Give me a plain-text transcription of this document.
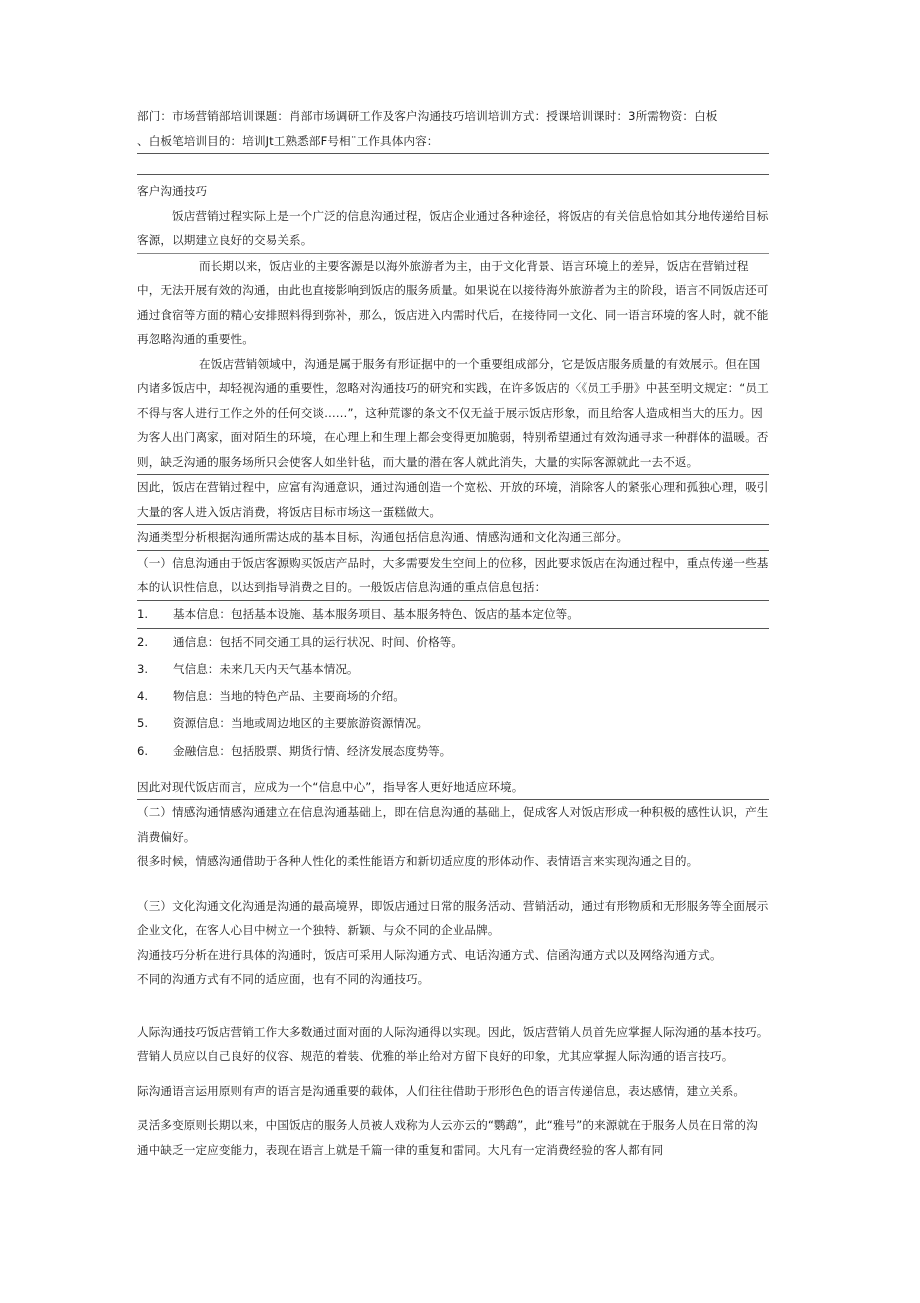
部门：市场营销部培训课题：肖部市场调研工作及客户沟通技巧培训培训方式：授课培训课时：3所需物资：白板

、白板笔培训目的：培训Jt工熟悉部F号相¨工作具体内容：

客户沟通技巧

饭店营销过程实际上是一个广泛的信息沟通过程，饭店企业通过各种途径，将饭店的有关信息恰如其分地传递给目标客源，以期建立良好的交易关系。

而长期以来，饭店业的主要客源是以海外旅游者为主，由于文化背景、语言环境上的差异，饭店在营销过程中，无法开展有效的沟通，由此也直接影响到饭店的服务质量。如果说在以接待海外旅游者为主的阶段，语言不同饭店还可通过食宿等方面的精心安排照料得到弥补，那么，饭店进入内需时代后，在接待同一文化、同一语言环境的客人时，就不能再忽略沟通的重要性。

在饭店营销领域中，沟通是属于服务有形证据中的一个重要组成部分，它是饭店服务质量的有效展示。但在国内诸多饭店中，却轻视沟通的重要性，忽略对沟通技巧的研究和实践，在许多饭店的〈《员工手册》中甚至明文规定：“员工不得与客人进行工作之外的任何交谈……”，这种荒谬的条文不仅无益于展示饭店形象，而且给客人造成相当大的压力。因为客人出门离家，面对陌生的环境，在心理上和生理上都会变得更加脆弱，特别希望通过有效沟通寻求一种群体的温暖。否则，缺乏沟通的服务场所只会使客人如坐针毡，而大量的潜在客人就此消失，大量的实际客源就此一去不返。

因此，饭店在营销过程中，应富有沟通意识，通过沟通创造一个宽松、开放的环境，消除客人的紧张心理和孤独心理，吸引大量的客人进入饭店消费，将饭店目标市场这一蛋糕做大。

沟通类型分析根据沟通所需达成的基本目标，沟通包括信息沟通、情感沟通和文化沟通三部分。

（一）信息沟通由于饭店客源购买饭店产品时，大多需要发生空间上的位移，因此要求饭店在沟通过程中，重点传递一些基本的认识性信息，以达到指导消费之目的。一般饭店信息沟通的重点信息包括：

1.	基本信息：包括基本设施、基本服务项目、基本服务特色、饭店的基本定位等。
2.	通信息：包括不同交通工具的运行状况、时间、价格等。
3.	气信息：未来几天内天气基本情况。
4.	物信息：当地的特色产品、主要商场的介绍。
5.	资源信息：当地或周边地区的主要旅游资源情况。
6.	金融信息：包括股票、期货行情、经济发展态度势等。

因此对现代饭店而言，应成为一个“信息中心”，指导客人更好地适应环境。

（二）情感沟通情感沟通建立在信息沟通基础上，即在信息沟通的基础上，促成客人对饭店形成一种积极的感性认识，产生消费偏好。

很多时候，情感沟通借助于各种人性化的柔性能语方和新切适应度的形体动作、表情语言来实现沟通之目的。

（三）文化沟通文化沟通是沟通的最高境界，即饭店通过日常的服务活动、营销活动，通过有形物质和无形服务等全面展示企业文化，在客人心目中树立一个独特、新颖、与众不同的企业品牌。

沟通技巧分析在进行具体的沟通时，饭店可采用人际沟通方式、电话沟通方式、信函沟通方式以及网络沟通方式。

不同的沟通方式有不同的适应面，也有不同的沟通技巧。

人际沟通技巧饭店营销工作大多数通过面对面的人际沟通得以实现。因此，饭店营销人员首先应掌握人际沟通的基本技巧。

营销人员应以自己良好的仪容、规范的着装、优雅的举止给对方留下良好的印象，尤其应掌握人际沟通的语言技巧。

际沟通语言运用原则有声的语言是沟通重要的载体，人们往往借助于形形色色的语言传递信息，表达感情，建立关系。

灵活多变原则长期以来，中国饭店的服务人员被人戏称为人云亦云的“鹦鹉”，此“雅号”的来源就在于服务人员在日常的沟通中缺乏一定应变能力，表现在语言上就是千篇一律的重复和雷同。大凡有一定消费经验的客人都有同
